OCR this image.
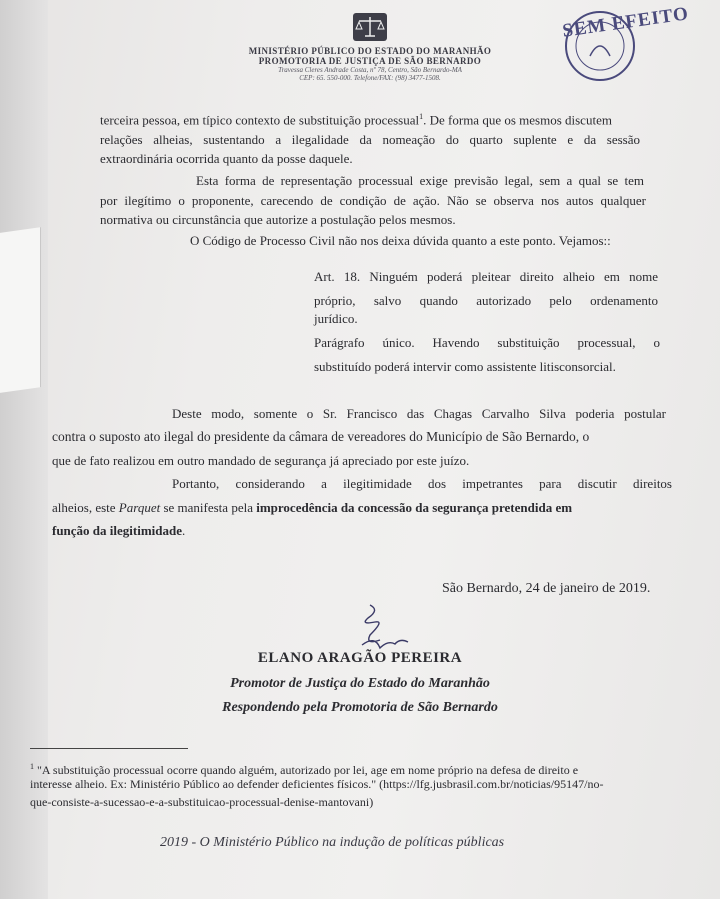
MINISTÉRIO PÚBLICO DO ESTADO DO MARANHÃO
PROMOTORIA DE JUSTIÇA DE SÃO BERNARDO
Travessa Cleres Andrade Costa, nº 78, Centro, São Bernardo-MA
CEP: 65. 550-000. Telefone/FAX: (98) 3477-1508.
SEM EFEITO
terceira pessoa, em típico contexto de substituição processual$^1$. De forma que os mesmos discutem
relações alheias, sustentando a ilegalidade da nomeação do quarto suplente e da sessão
extraordinária ocorrida quanto da posse daquele.
Esta forma de representação processual exige previsão legal, sem a qual se tem
por ilegítimo o proponente, carecendo de condição de ação. Não se observa nos autos qualquer
normativa ou circunstância que autorize a postulação pelos mesmos.
O Código de Processo Civil não nos deixa dúvida quanto a este ponto. Vejamos::
Art. 18. Ninguém poderá pleitear direito alheio em nome
próprio, salvo quando autorizado pelo ordenamento
jurídico.
Parágrafo único. Havendo substituição processual, o
substituído poderá intervir como assistente litisconsorcial.
Deste modo, somente o Sr. Francisco das Chagas Carvalho Silva poderia postular
contra o suposto ato ilegal do presidente da câmara de vereadores do Município de São Bernardo, o
que de fato realizou em outro mandado de segurança já apreciado por este juízo.
Portanto, considerando a ilegitimidade dos impetrantes para discutir direitos
alheios, este Parquet se manifesta pela improcedência da concessão da segurança pretendida em
função da ilegitimidade.
São Bernardo, 24 de janeiro de 2019.
ELANO ARAGÃO PEREIRA
Promotor de Justiça do Estado do Maranhão
Respondendo pela Promotoria de São Bernardo
$^1$ "A substituição processual ocorre quando alguém, autorizado por lei, age em nome próprio na defesa de direito e
interesse alheio. Ex: Ministério Público ao defender deficientes físicos." (https://lfg.jusbrasil.com.br/noticias/95147/no-
que-consiste-a-sucessao-e-a-substituicao-processual-denise-mantovani)
2019 - O Ministério Público na indução de políticas públicas
